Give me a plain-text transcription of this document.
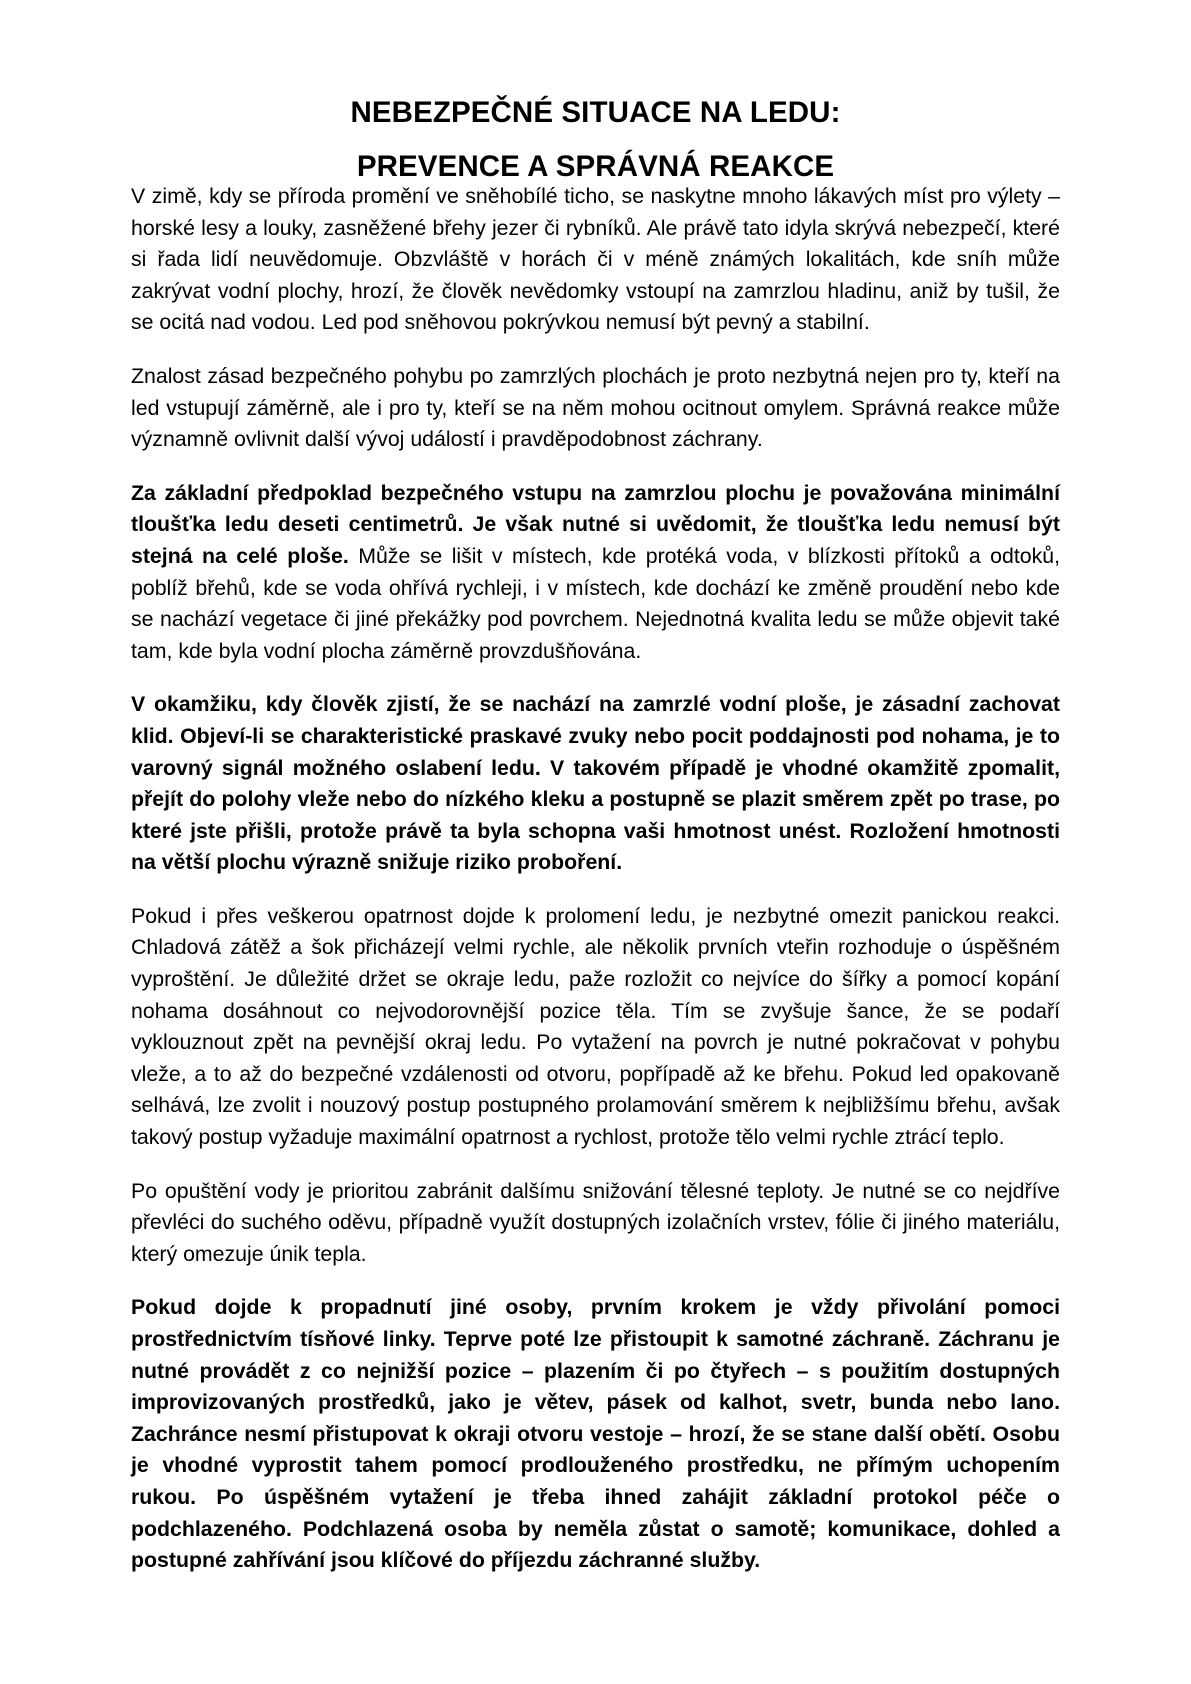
NEBEZPEČNÉ SITUACE NA LEDU:
PREVENCE A SPRÁVNÁ REAKCE

V zimě, kdy se příroda promění ve sněhobílé ticho, se naskytne mnoho lákavých míst pro výlety – horské lesy a louky, zasněžené břehy jezer či rybníků. Ale právě tato idyla skrývá nebezpečí, které si řada lidí neuvědomuje. Obzvláště v horách či v méně známých lokalitách, kde sníh může zakrývat vodní plochy, hrozí, že člověk nevědomky vstoupí na zamrzlou hladinu, aniž by tušil, že se ocitá nad vodou. Led pod sněhovou pokrývkou nemusí být pevný a stabilní.

Znalost zásad bezpečného pohybu po zamrzlých plochách je proto nezbytná nejen pro ty, kteří na led vstupují záměrně, ale i pro ty, kteří se na něm mohou ocitnout omylem. Správná reakce může významně ovlivnit další vývoj událostí i pravděpodobnost záchrany.

Za základní předpoklad bezpečného vstupu na zamrzlou plochu je považována minimální tloušťka ledu deseti centimetrů. Je však nutné si uvědomit, že tloušťka ledu nemusí být stejná na celé ploše. Může se lišit v místech, kde protéká voda, v blízkosti přítoků a odtoků, poblíž břehů, kde se voda ohřívá rychleji, i v místech, kde dochází ke změně proudění nebo kde se nachází vegetace či jiné překážky pod povrchem. Nejednotná kvalita ledu se může objevit také tam, kde byla vodní plocha záměrně provzdušňována.

V okamžiku, kdy člověk zjistí, že se nachází na zamrzlé vodní ploše, je zásadní zachovat klid. Objeví-li se charakteristické praskavé zvuky nebo pocit poddajnosti pod nohama, je to varovný signál možného oslabení ledu. V takovém případě je vhodné okamžitě zpomalit, přejít do polohy vleže nebo do nízkého kleku a postupně se plazit směrem zpět po trase, po které jste přišli, protože právě ta byla schopna vaši hmotnost unést. Rozložení hmotnosti na větší plochu výrazně snižuje riziko proboření.

Pokud i přes veškerou opatrnost dojde k prolomení ledu, je nezbytné omezit panickou reakci. Chladová zátěž a šok přicházejí velmi rychle, ale několik prvních vteřin rozhoduje o úspěšném vyproštění. Je důležité držet se okraje ledu, paže rozložit co nejvíce do šířky a pomocí kopání nohama dosáhnout co nejvodorovnější pozice těla. Tím se zvyšuje šance, že se podaří vyklouznout zpět na pevnější okraj ledu. Po vytažení na povrch je nutné pokračovat v pohybu vleže, a to až do bezpečné vzdálenosti od otvoru, popřípadě až ke břehu. Pokud led opakovaně selhává, lze zvolit i nouzový postup postupného prolamování směrem k nejbližšímu břehu, avšak takový postup vyžaduje maximální opatrnost a rychlost, protože tělo velmi rychle ztrácí teplo.

Po opuštění vody je prioritou zabránit dalšímu snižování tělesné teploty. Je nutné se co nejdříve převléci do suchého oděvu, případně využít dostupných izolačních vrstev, fólie či jiného materiálu, který omezuje únik tepla.

Pokud dojde k propadnutí jiné osoby, prvním krokem je vždy přivolání pomoci prostřednictvím tísňové linky. Teprve poté lze přistoupit k samotné záchraně. Záchranu je nutné provádět z co nejnižší pozice – plazením či po čtyřech – s použitím dostupných improvizovaných prostředků, jako je větev, pásek od kalhot, svetr, bunda nebo lano. Zachránce nesmí přistupovat k okraji otvoru vestoje – hrozí, že se stane další obětí. Osobu je vhodné vyprostit tahem pomocí prodlouženého prostředku, ne přímým uchopením rukou. Po úspěšném vytažení je třeba ihned zahájit základní protokol péče o podchlazeného. Podchlazená osoba by neměla zůstat o samotě; komunikace, dohled a postupné zahřívání jsou klíčové do příjezdu záchranné služby.
